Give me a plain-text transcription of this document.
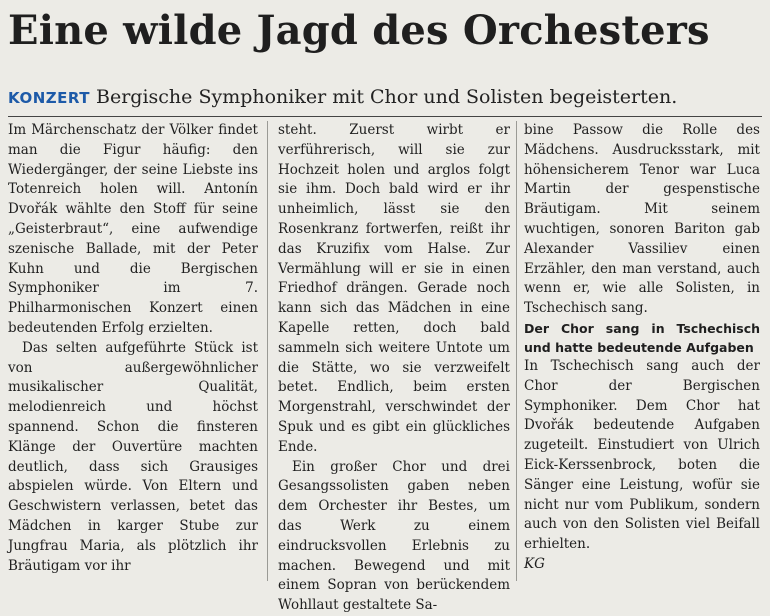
Eine wilde Jagd des Orchesters
KONZERT Bergische Symphoniker mit Chor und Solisten begeisterten.

Im Märchenschatz der Völker findet man die Figur häufig: den Wiedergänger, der seine Liebste ins Totenreich holen will. Antonín Dvořák wählte den Stoff für seine „Geisterbraut“, eine aufwendige szenische Ballade, mit der Peter Kuhn und die Bergischen Symphoniker im 7. Philharmonischen Konzert einen bedeutenden Erfolg erzielten.

Das selten aufgeführte Stück ist von außergewöhnlicher musikalischer Qualität, melodienreich und höchst spannend. Schon die finsteren Klänge der Ouvertüre machten deutlich, dass sich Grausiges abspielen würde. Von Eltern und Geschwistern verlassen, betet das Mädchen in karger Stube zur Jungfrau Maria, als plötzlich ihr Bräutigam vor ihr

steht. Zuerst wirbt er verführerisch, will sie zur Hochzeit holen und arglos folgt sie ihm. Doch bald wird er ihr unheimlich, lässt sie den Rosenkranz fortwerfen, reißt ihr das Kruzifix vom Halse. Zur Vermählung will er sie in einen Friedhof drängen. Gerade noch kann sich das Mädchen in eine Kapelle retten, doch bald sammeln sich weitere Untote um die Stätte, wo sie verzweifelt betet. Endlich, beim ersten Morgenstrahl, verschwindet der Spuk und es gibt ein glückliches Ende.

Ein großer Chor und drei Gesangssolisten gaben neben dem Orchester ihr Bestes, um das Werk zu einem eindrucksvollen Erlebnis zu machen. Bewegend und mit einem Sopran von berückendem Wohllaut gestaltete Sa-

bine Passow die Rolle des Mädchens. Ausdrucksstark, mit höhensicherem Tenor war Luca Martin der gespenstische Bräutigam. Mit seinem wuchtigen, sonoren Bariton gab Alexander Vassiliev einen Erzähler, den man verstand, auch wenn er, wie alle Solisten, in Tschechisch sang.

Der Chor sang in Tschechisch und hatte bedeutende Aufgaben

In Tschechisch sang auch der Chor der Bergischen Symphoniker. Dem Chor hat Dvořák bedeutende Aufgaben zugeteilt. Einstudiert von Ulrich Eick-Kerssenbrock, boten die Sänger eine Leistung, wofür sie nicht nur vom Publikum, sondern auch von den Solisten viel Beifall erhielten.

KG
